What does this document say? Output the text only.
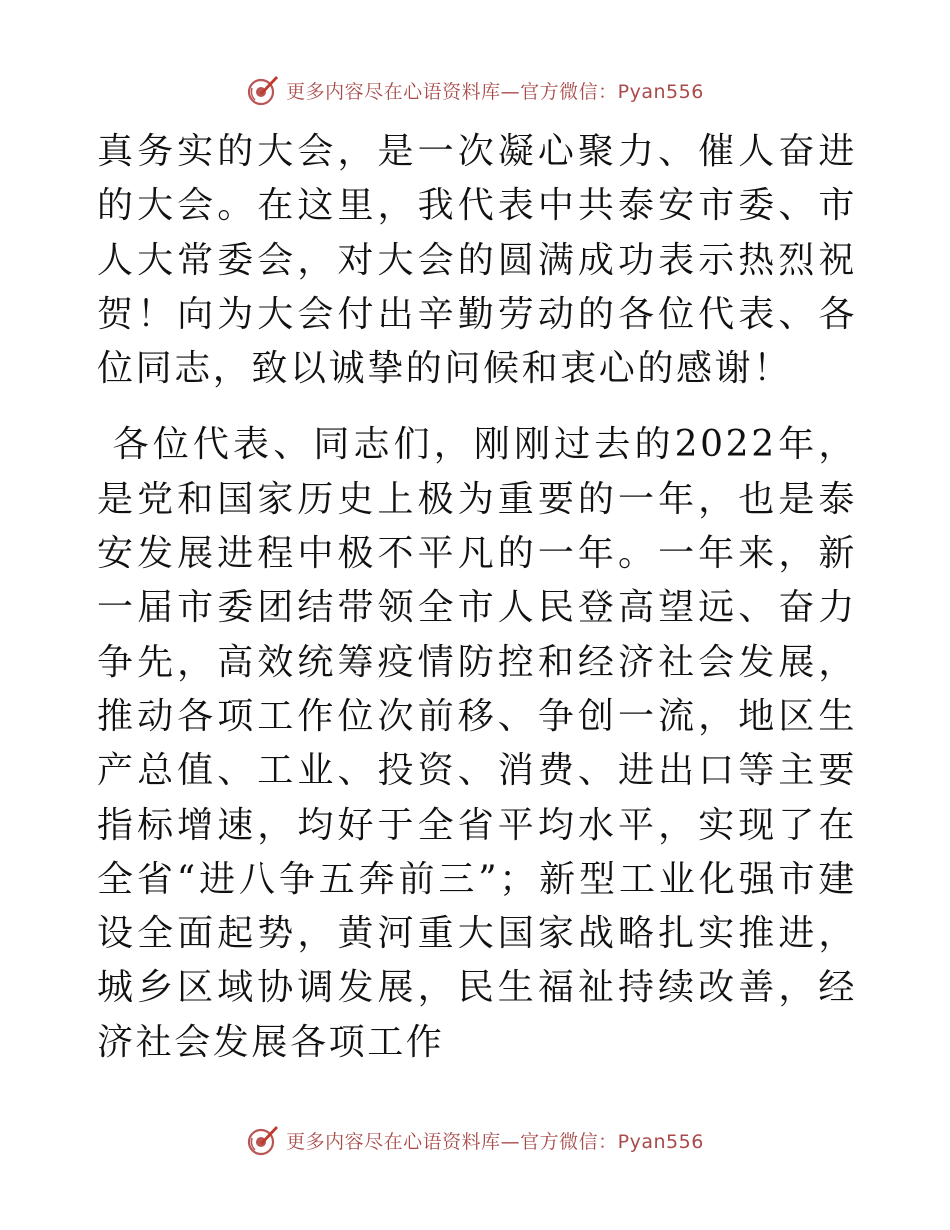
更多内容尽在心语资料库—官方微信：Pyan556

真务实的大会，是一次凝心聚力、催人奋进的大会。在这里，我代表中共泰安市委、市人大常委会，对大会的圆满成功表示热烈祝贺！向为大会付出辛勤劳动的各位代表、各位同志，致以诚挚的问候和衷心的感谢！

各位代表、同志们，刚刚过去的2022年，是党和国家历史上极为重要的一年，也是泰安发展进程中极不平凡的一年。一年来，新一届市委团结带领全市人民登高望远、奋力争先，高效统筹疫情防控和经济社会发展，推动各项工作位次前移、争创一流，地区生产总值、工业、投资、消费、进出口等主要指标增速，均好于全省平均水平，实现了在全省“进八争五奔前三”；新型工业化强市建设全面起势，黄河重大国家战略扎实推进，城乡区域协调发展，民生福祉持续改善，经济社会发展各项工作

更多内容尽在心语资料库—官方微信：Pyan556
